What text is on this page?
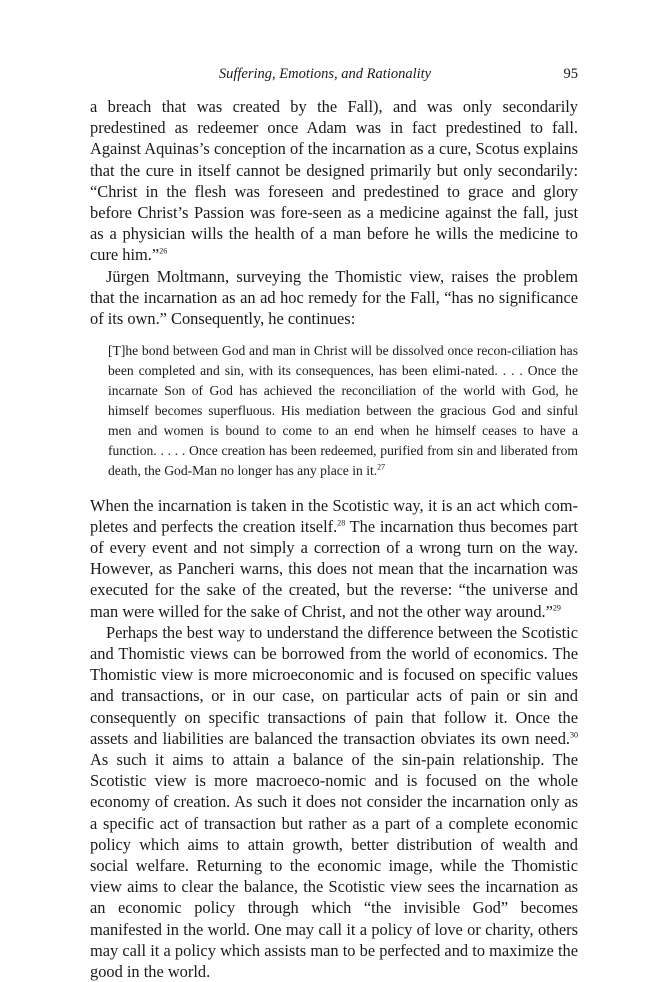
Suffering, Emotions, and Rationality	95

a breach that was created by the Fall), and was only secondarily predestined as redeemer once Adam was in fact predestined to fall. Against Aquinas’s conception of the incarnation as a cure, Scotus explains that the cure in itself cannot be designed primarily but only secondarily: “Christ in the flesh was foreseen and predestined to grace and glory before Christ’s Passion was fore-seen as a medicine against the fall, just as a physician wills the health of a man before he wills the medicine to cure him.”$^{26}$

Jürgen Moltmann, surveying the Thomistic view, raises the problem that the incarnation as an ad hoc remedy for the Fall, “has no significance of its own.” Consequently, he continues:

[T]he bond between God and man in Christ will be dissolved once recon-ciliation has been completed and sin, with its consequences, has been elimi-nated. . . . Once the incarnate Son of God has achieved the reconciliation of the world with God, he himself becomes superfluous. His mediation between the gracious God and sinful men and women is bound to come to an end when he himself ceases to have a function. . . . . Once creation has been redeemed, purified from sin and liberated from death, the God-Man no longer has any place in it.$^{27}$

When the incarnation is taken in the Scotistic way, it is an act which com-pletes and perfects the creation itself.$^{28}$ The incarnation thus becomes part of every event and not simply a correction of a wrong turn on the way. However, as Pancheri warns, this does not mean that the incarnation was executed for the sake of the created, but the reverse: “the universe and man were willed for the sake of Christ, and not the other way around.”$^{29}$

Perhaps the best way to understand the difference between the Scotistic and Thomistic views can be borrowed from the world of economics. The Thomistic view is more microeconomic and is focused on specific values and transactions, or in our case, on particular acts of pain or sin and consequently on specific transactions of pain that follow it. Once the assets and liabilities are balanced the transaction obviates its own need.$^{30}$ As such it aims to attain a balance of the sin-pain relationship. The Scotistic view is more macroeco-nomic and is focused on the whole economy of creation. As such it does not consider the incarnation only as a specific act of transaction but rather as a part of a complete economic policy which aims to attain growth, better distribution of wealth and social welfare. Returning to the economic image, while the Thomistic view aims to clear the balance, the Scotistic view sees the incarnation as an economic policy through which “the invisible God” becomes manifested in the world. One may call it a policy of love or charity, others may call it a policy which assists man to be perfected and to maximize the good in the world.
